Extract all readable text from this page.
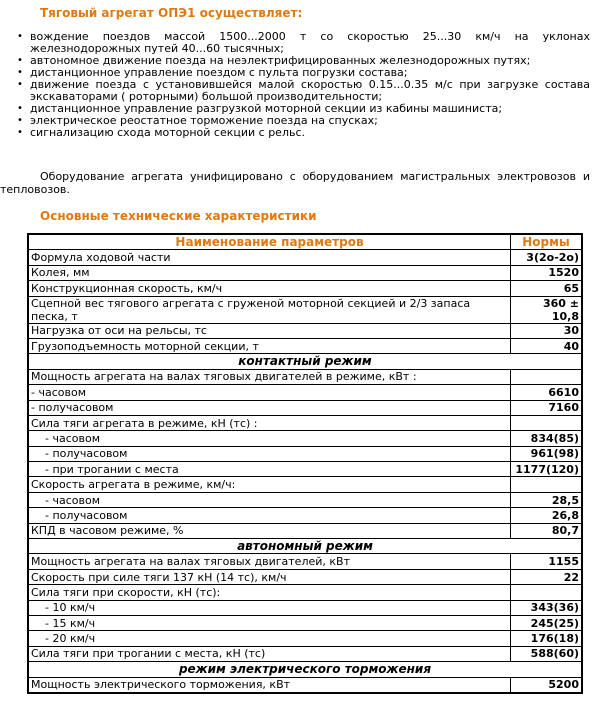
Тяговый агрегат ОПЭ1 осуществляет:
• вождение поездов массой 1500...2000 т со скоростью 25...30 км/ч на уклонах железнодорожных путей 40...60 тысячных;
• автономное движение поезда на неэлектрифицированных железнодорожных путях;
• дистанционное управление поездом с пульта погрузки состава;
• движение поезда с установившейся малой скоростью 0.15...0.35 м/с при загрузке состава экскаваторами ( роторными) большой производительности;
• дистанционное управление разгрузкой моторной секции из кабины машиниста;
• электрическое реостатное торможение поезда на спусках;
• сигнализацию схода моторной секции с рельс.

Оборудование агрегата унифицировано с оборудованием магистральных электровозов и тепловозов.

Основные технические характеристики
Наименование параметров	Нормы
Формула ходовой части	3(2о-2о)
Колея, мм	1520
Конструкционная скорость, км/ч	65
Сцепной вес тягового агрегата с груженой моторной секцией и 2/3 запаса песка, т	360 ± 10,8
Нагрузка от оси на рельсы, тс	30
Грузоподъемность моторной секции, т	40
контактный режим	
Мощность агрегата на валах тяговых двигателей в режиме, кВт :	
- часовом	6610
- получасовом	7160
Сила тяги агрегата в режиме, кН (тс) :	
- часовом	834(85)
- получасовом	961(98)
- при трогании с места	1177(120)
Скорость агрегата в режиме, км/ч:	
- часовом	28,5
- получасовом	26,8
КПД в часовом режиме, %	80,7
автономный режим	
Мощность агрегата на валах тяговых двигателей, кВт	1155
Скорость при силе тяги 137 кН (14 тс), км/ч	22
Сила тяги при скорости, кН (тс):	
- 10 км/ч	343(36)
- 15 км/ч	245(25)
- 20 км/ч	176(18)
Сила тяги при трогании с места, кН (тс)	588(60)
режим электрического торможения	
Мощность электрического торможения, кВт	5200
